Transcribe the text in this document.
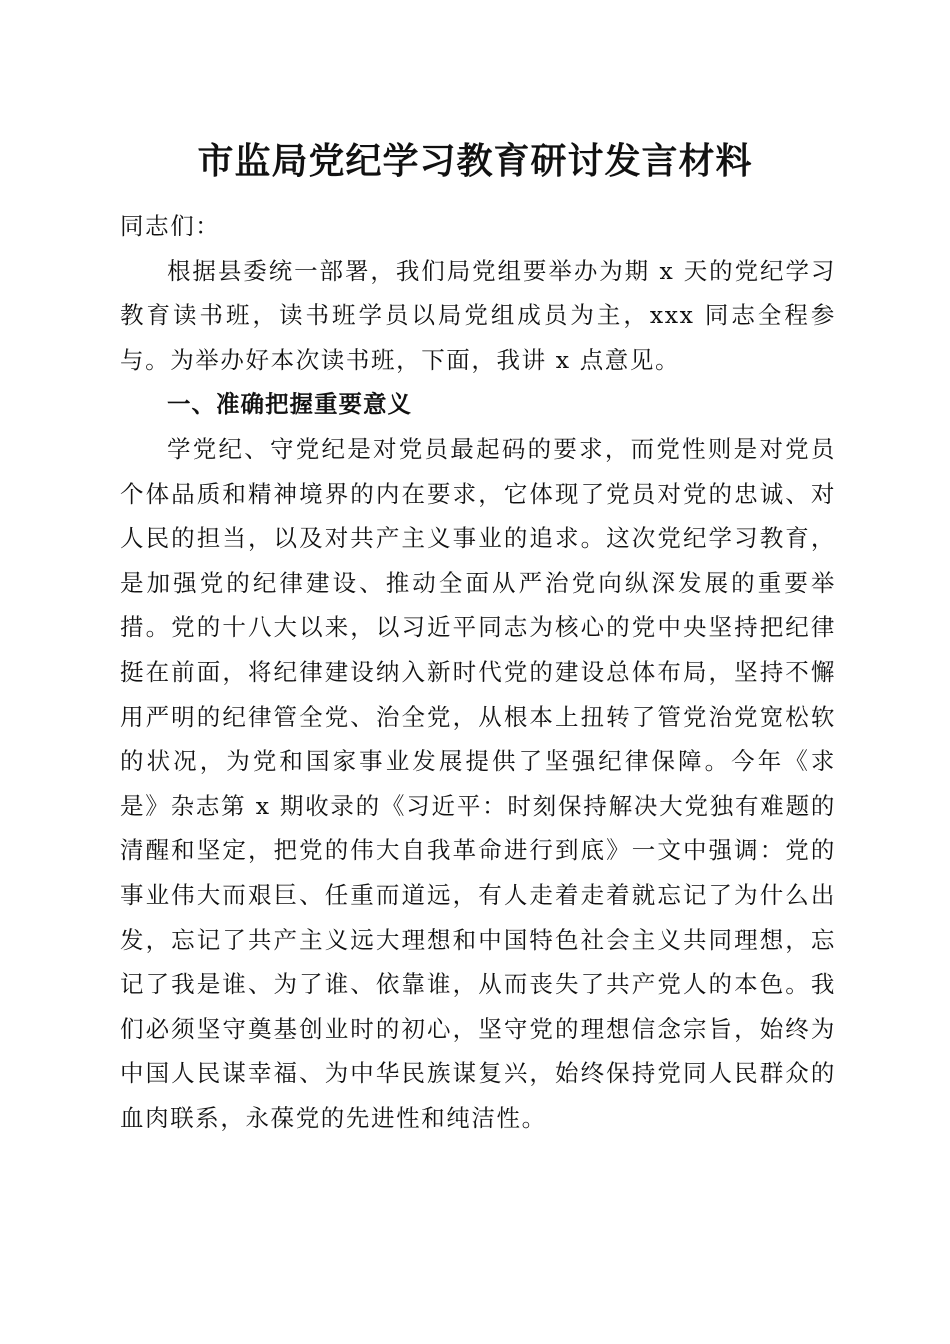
市监局党纪学习教育研讨发言材料

同志们：

根据县委统一部署，我们局党组要举办为期 x 天的党纪学习教育读书班，读书班学员以局党组成员为主，xxx 同志全程参与。为举办好本次读书班，下面，我讲 x 点意见。

一、准确把握重要意义

学党纪、守党纪是对党员最起码的要求，而党性则是对党员个体品质和精神境界的内在要求，它体现了党员对党的忠诚、对人民的担当，以及对共产主义事业的追求。这次党纪学习教育，是加强党的纪律建设、推动全面从严治党向纵深发展的重要举措。党的十八大以来，以习近平同志为核心的党中央坚持把纪律挺在前面，将纪律建设纳入新时代党的建设总体布局，坚持不懈用严明的纪律管全党、治全党，从根本上扭转了管党治党宽松软的状况，为党和国家事业发展提供了坚强纪律保障。今年《求是》杂志第 x 期收录的《习近平：时刻保持解决大党独有难题的清醒和坚定，把党的伟大自我革命进行到底》一文中强调：党的事业伟大而艰巨、任重而道远，有人走着走着就忘记了为什么出发，忘记了共产主义远大理想和中国特色社会主义共同理想，忘记了我是谁、为了谁、依靠谁，从而丧失了共产党人的本色。我们必须坚守奠基创业时的初心，坚守党的理想信念宗旨，始终为中国人民谋幸福、为中华民族谋复兴，始终保持党同人民群众的血肉联系，永葆党的先进性和纯洁性。
